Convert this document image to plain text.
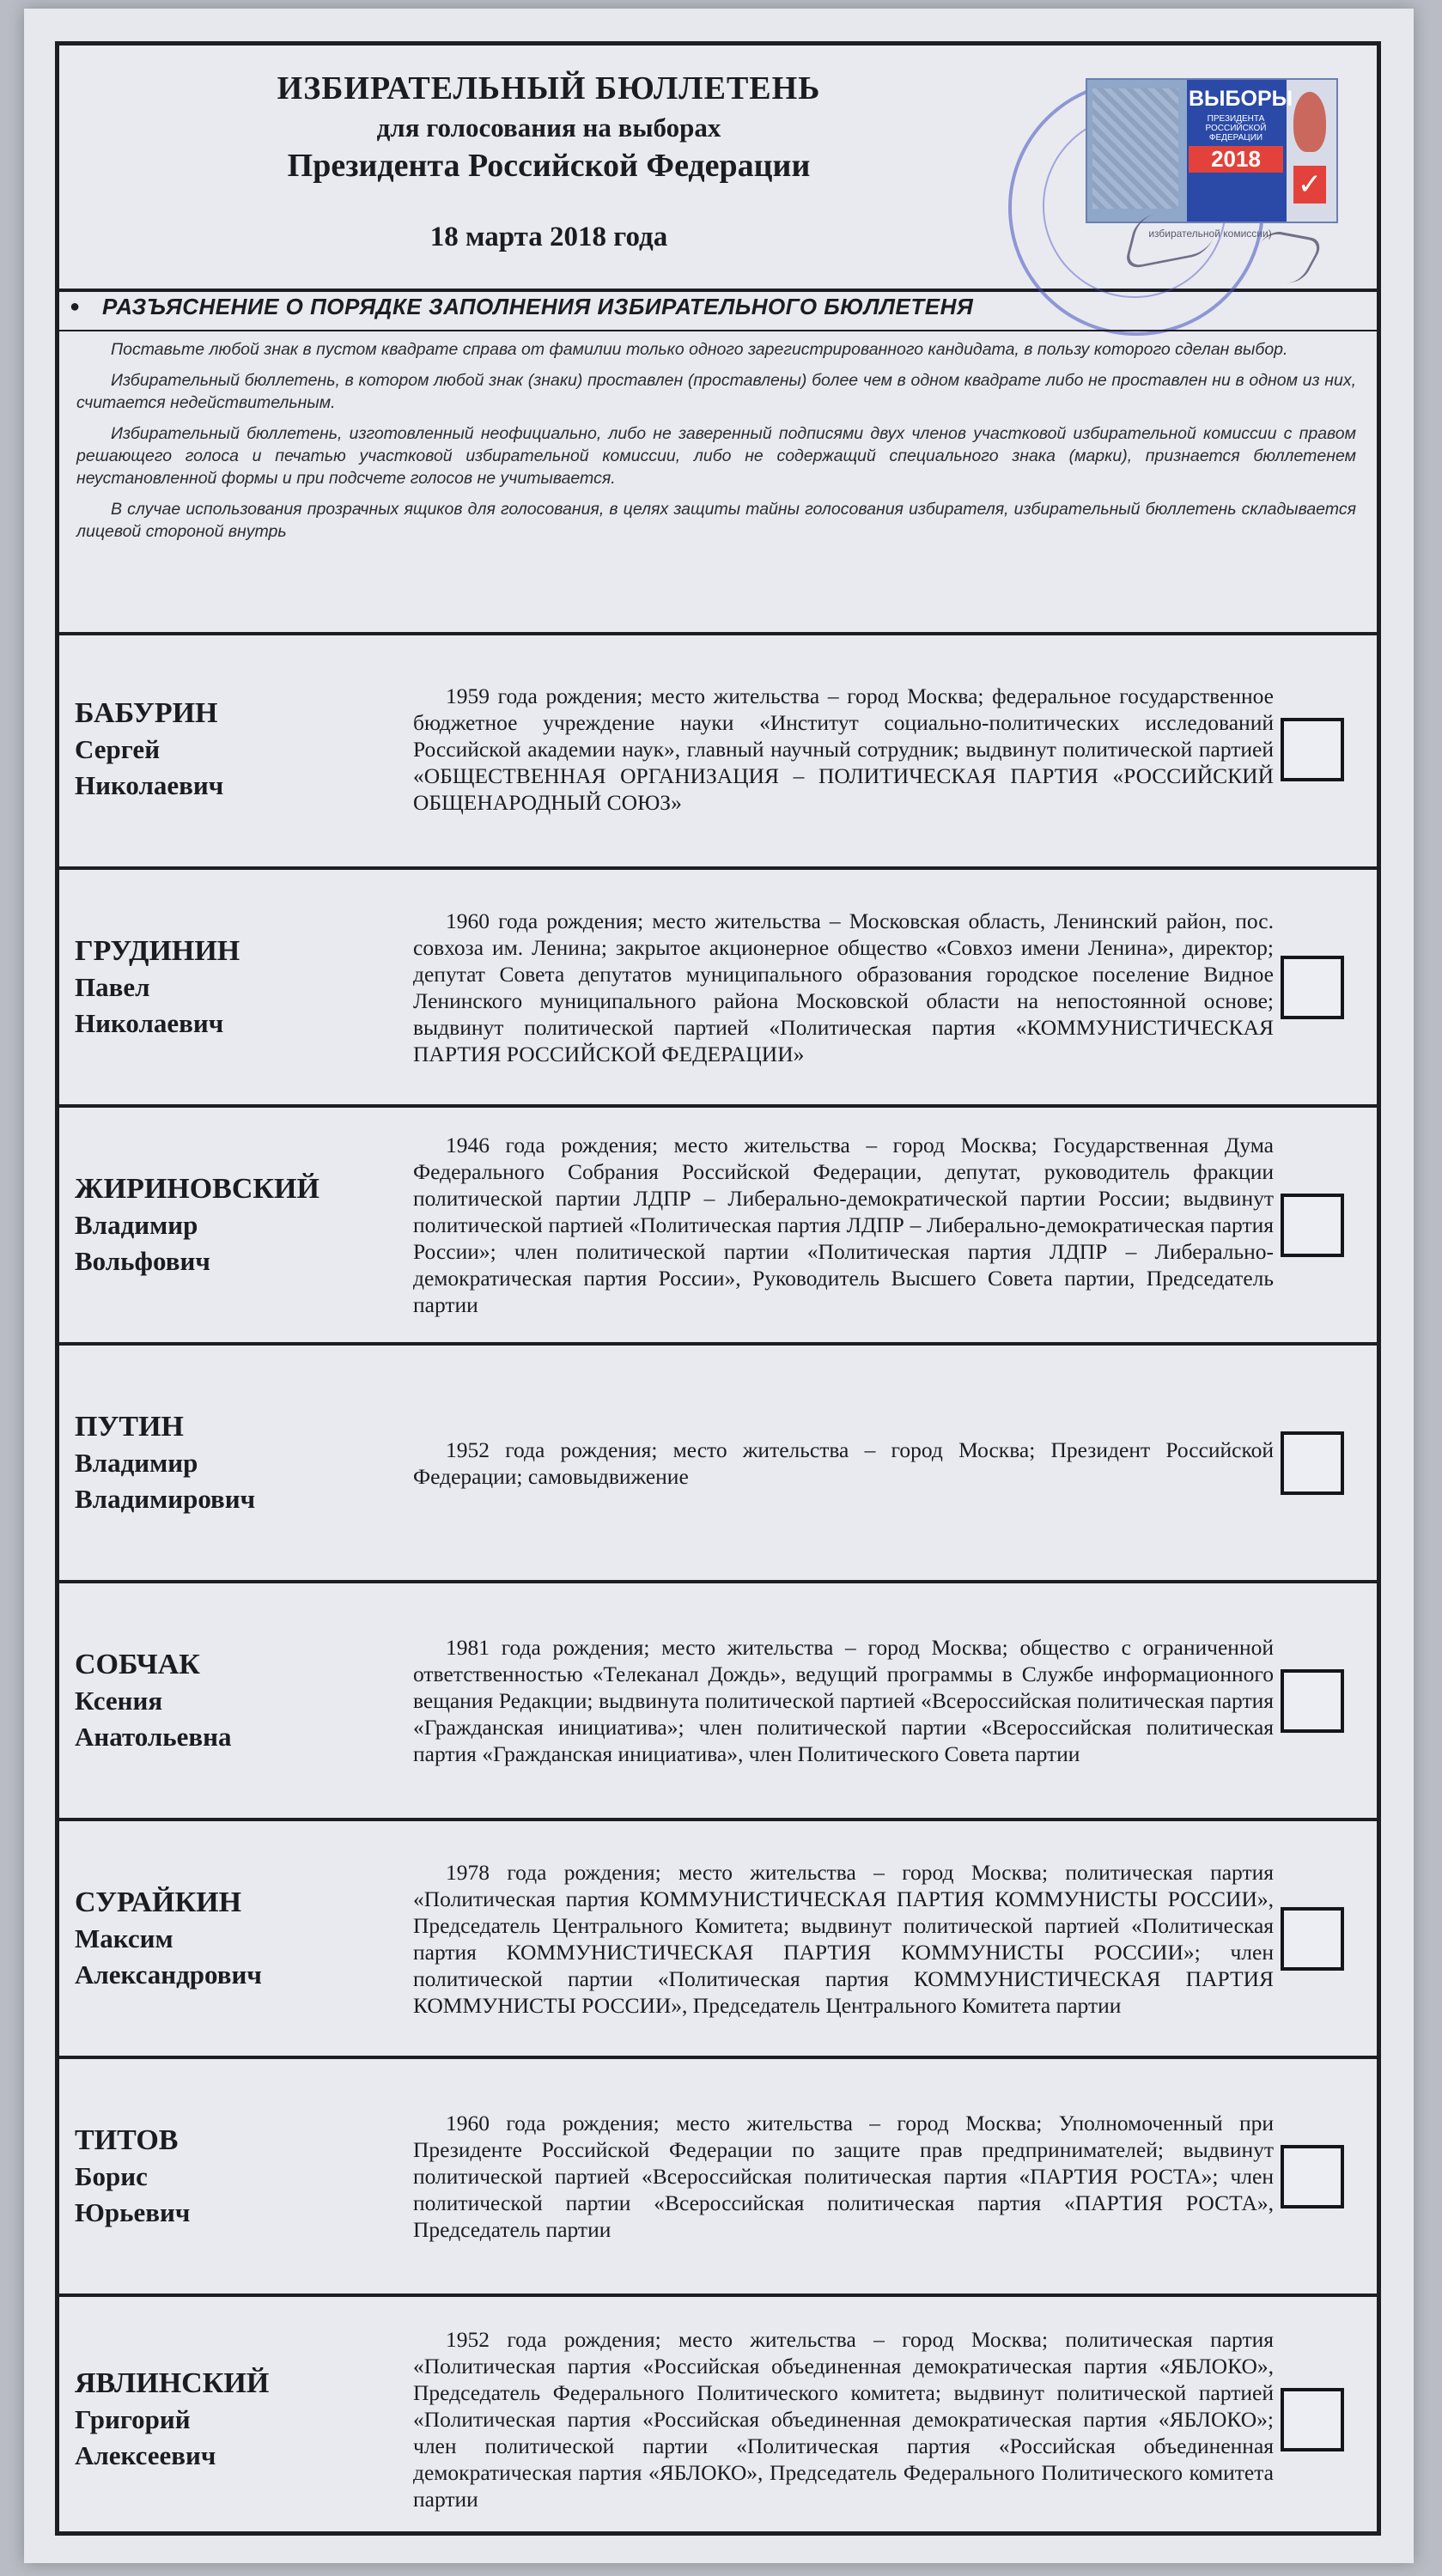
ИЗБИРАТЕЛЬНЫЙ БЮЛЛЕТЕНЬ
для голосования на выборах
Президента Российской Федерации
18 марта 2018 года
ВЫБОРЫ
ПРЕЗИДЕНТА РОССИЙСКОЙ ФЕДЕРАЦИИ
2018
✓
избирательной комиссии)
● РАЗЪЯСНЕНИЕ О ПОРЯДКЕ ЗАПОЛНЕНИЯ ИЗБИРАТЕЛЬНОГО БЮЛЛЕТЕНЯ

Поставьте любой знак в пустом квадрате справа от фамилии только одного зарегистрированного кандидата, в пользу которого сделан выбор.

Избирательный бюллетень, в котором любой знак (знаки) проставлен (проставлены) более чем в одном квадрате либо не проставлен ни в одном из них, считается недействительным.

Избирательный бюллетень, изготовленный неофициально, либо не заверенный подписями двух членов участковой избирательной комиссии с правом решающего голоса и печатью участковой избирательной комиссии, либо не содержащий специального знака (марки), признается бюллетенем неустановленной формы и при подсчете голосов не учитывается.

В случае использования прозрачных ящиков для голосования, в целях защиты тайны голосования избирателя, избирательный бюллетень складывается лицевой стороной внутрь

БАБУРИН
Сергей
Николаевич

1959 года рождения; место жительства – город Москва; федеральное государственное бюджетное учреждение науки «Институт социально-политических исследований Российской академии наук», главный научный сотрудник; выдвинут политической партией «ОБЩЕСТВЕННАЯ ОРГАНИЗАЦИЯ – ПОЛИТИЧЕСКАЯ ПАРТИЯ «РОССИЙСКИЙ ОБЩЕНАРОДНЫЙ СОЮЗ»

ГРУДИНИН
Павел
Николаевич

1960 года рождения; место жительства – Московская область, Ленинский район, пос. совхоза им. Ленина; закрытое акционерное общество «Совхоз имени Ленина», директор; депутат Совета депутатов муниципального образования городское поселение Видное Ленинского муниципального района Московской области на непостоянной основе; выдвинут политической партией «Политическая партия «КОММУНИСТИЧЕСКАЯ ПАРТИЯ РОССИЙСКОЙ ФЕДЕРАЦИИ»

ЖИРИНОВСКИЙ
Владимир
Вольфович

1946 года рождения; место жительства – город Москва; Государственная Дума Федерального Собрания Российской Федерации, депутат, руководитель фракции политической партии ЛДПР – Либерально-демократической партии России; выдвинут политической партией «Политическая партия ЛДПР – Либерально-демократическая партия России»; член политической партии «Политическая партия ЛДПР – Либерально-демократическая партия России», Руководитель Высшего Совета партии, Председатель партии

ПУТИН
Владимир
Владимирович

1952 года рождения; место жительства – город Москва; Президент Российской Федерации; самовыдвижение

СОБЧАК
Ксения
Анатольевна

1981 года рождения; место жительства – город Москва; общество с ограниченной ответственностью «Телеканал Дождь», ведущий программы в Службе информационного вещания Редакции; выдвинута политической партией «Всероссийская политическая партия «Гражданская инициатива»; член политической партии «Всероссийская политическая партия «Гражданская инициатива», член Политического Совета партии

СУРАЙКИН
Максим
Александрович

1978 года рождения; место жительства – город Москва; политическая партия «Политическая партия КОММУНИСТИЧЕСКАЯ ПАРТИЯ КОММУНИСТЫ РОССИИ», Председатель Центрального Комитета; выдвинут политической партией «Политическая партия КОММУНИСТИЧЕСКАЯ ПАРТИЯ КОММУНИСТЫ РОССИИ»; член политической партии «Политическая партия КОММУНИСТИЧЕСКАЯ ПАРТИЯ КОММУНИСТЫ РОССИИ», Председатель Центрального Комитета партии

ТИТОВ
Борис
Юрьевич

1960 года рождения; место жительства – город Москва; Уполномоченный при Президенте Российской Федерации по защите прав предпринимателей; выдвинут политической партией «Всероссийская политическая партия «ПАРТИЯ РОСТА»; член политической партии «Всероссийская политическая партия «ПАРТИЯ РОСТА», Председатель партии

ЯВЛИНСКИЙ
Григорий
Алексеевич

1952 года рождения; место жительства – город Москва; политическая партия «Политическая партия «Российская объединенная демократическая партия «ЯБЛОКО», Председатель Федерального Политического комитета; выдвинут политической партией «Политическая партия «Российская объединенная демократическая партия «ЯБЛОКО»; член политической партии «Политическая партия «Российская объединенная демократическая партия «ЯБЛОКО», Председатель Федерального Политического комитета партии
